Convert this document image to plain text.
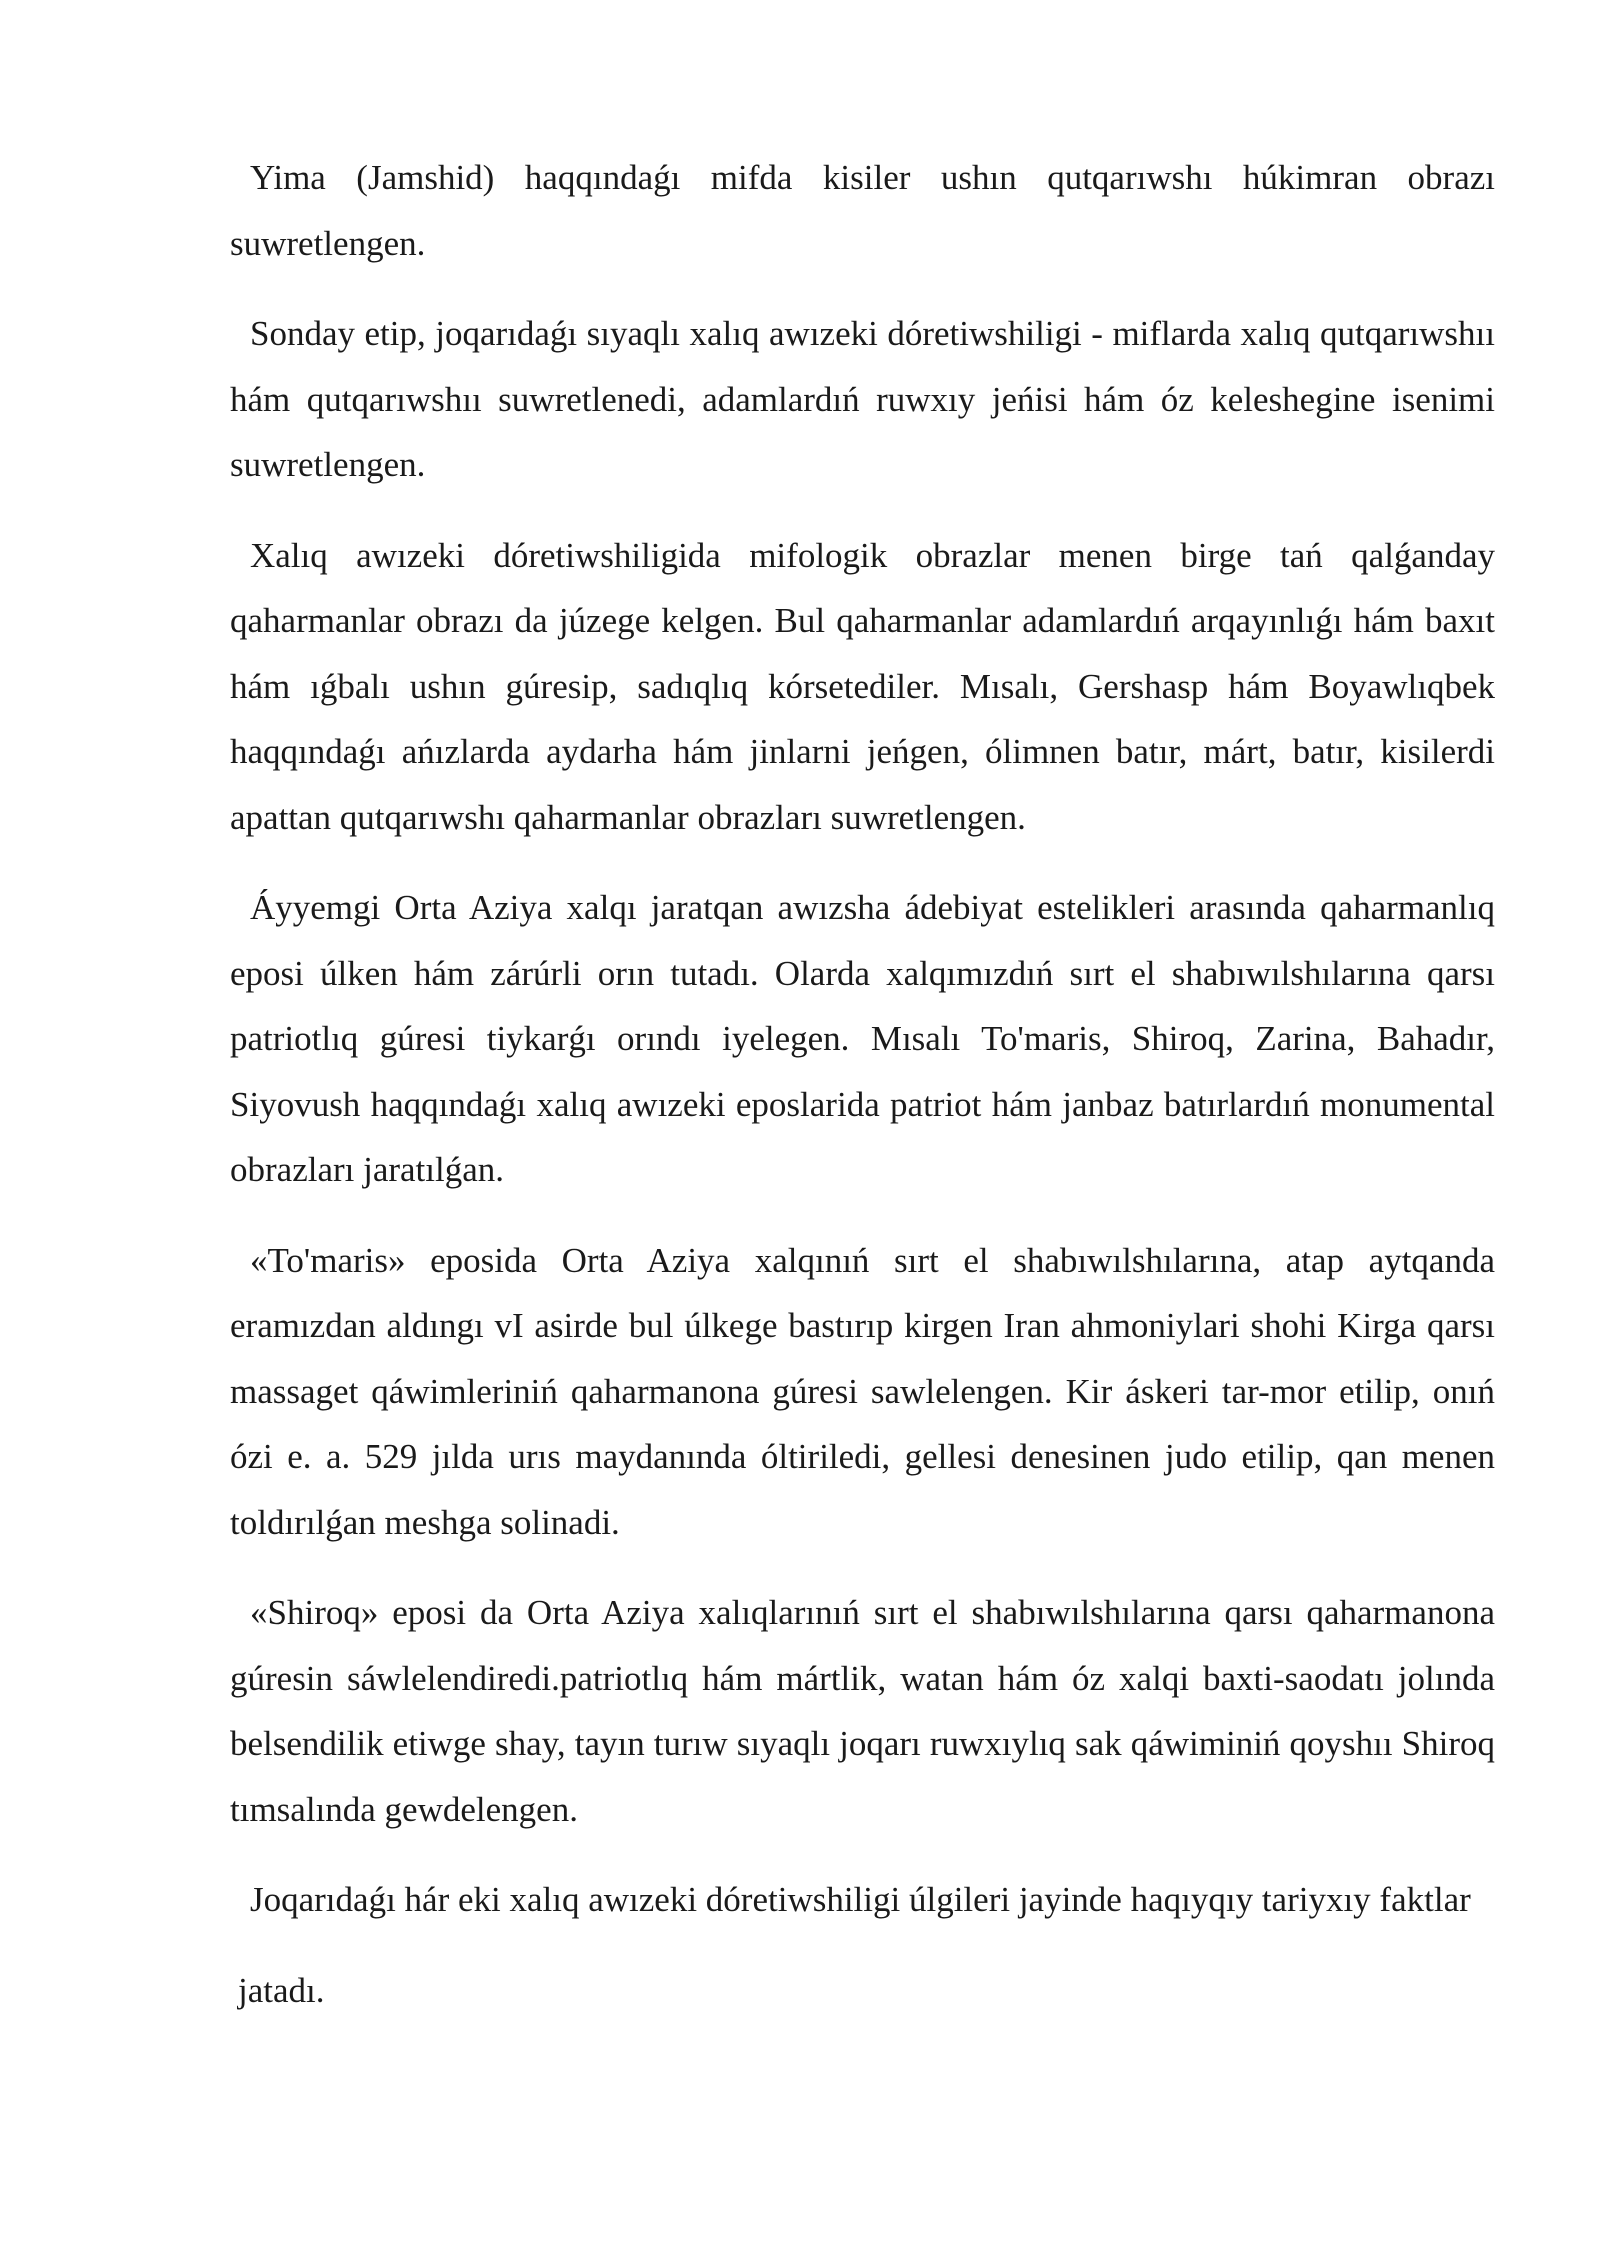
Yima (Jamshid) haqqındaǵı mifda kisiler ushın qutqarıwshı húkimran obrazı suwretlengen.

Sonday etip, joqarıdaǵı sıyaqlı xalıq awızeki dóretiwshiligi - miflarda xalıq qutqarıwshıı hám qutqarıwshıı suwretlenedi, adamlardıń ruwxıy jeńisi hám óz keleshegine isenimi suwretlengen.

Xalıq awızeki dóretiwshiligida mifologik obrazlar menen birge tań qalǵanday qaharmanlar obrazı da júzege kelgen. Bul qaharmanlar adamlardıń arqayınlıǵı hám baxıt hám ıǵbalı ushın gúresip, sadıqlıq kórsetediler. Mısalı, Gershasp hám Boyawlıqbek haqqındaǵı ańızlarda aydarha hám jinlarni jeńgen, ólimnen batır, márt, batır, kisilerdi apattan qutqarıwshı qaharmanlar obrazları suwretlengen.

Áyyemgi Orta Aziya xalqı jaratqan awızsha ádebiyat estelikleri arasında qaharmanlıq eposi úlken hám zárúrli orın tutadı. Olarda xalqımızdıń sırt el shabıwılshılarına qarsı patriotlıq gúresi tiykarǵı orındı iyelegen. Mısalı To'maris, Shiroq, Zarina, Bahadır, Siyovush haqqındaǵı xalıq awızeki eposlarida patriot hám janbaz batırlardıń monumental obrazları jaratılǵan.

«To'maris» eposida Orta Aziya xalqınıń sırt el shabıwılshılarına, atap aytqanda eramızdan aldıngı vI asirde bul úlkege bastırıp kirgen Iran ahmoniylari shohi Kirga qarsı massaget qáwimleriniń qaharmanona gúresi sawlelengen. Kir áskeri tar-mor etilip, onıń ózi e. a. 529 jılda urıs maydanında óltiriledi, gellesi denesinen judo etilip, qan menen toldırılǵan meshga solinadi.

«Shiroq» eposi da Orta Aziya xalıqlarınıń sırt el shabıwılshılarına qarsı qaharmanona gúresin sáwlelendiredi.patriotlıq hám mártlik, watan hám óz xalqi baxti-saodatı jolında belsendilik etiwge shay, tayın turıw sıyaqlı joqarı ruwxıylıq sak qáwiminiń qoyshıı Shiroq tımsalında gewdelengen.

Joqarıdaǵı hár eki xalıq awızeki dóretiwshiligi úlgileri jayinde haqıyqıy tariyxıy faktlar

jatadı.
